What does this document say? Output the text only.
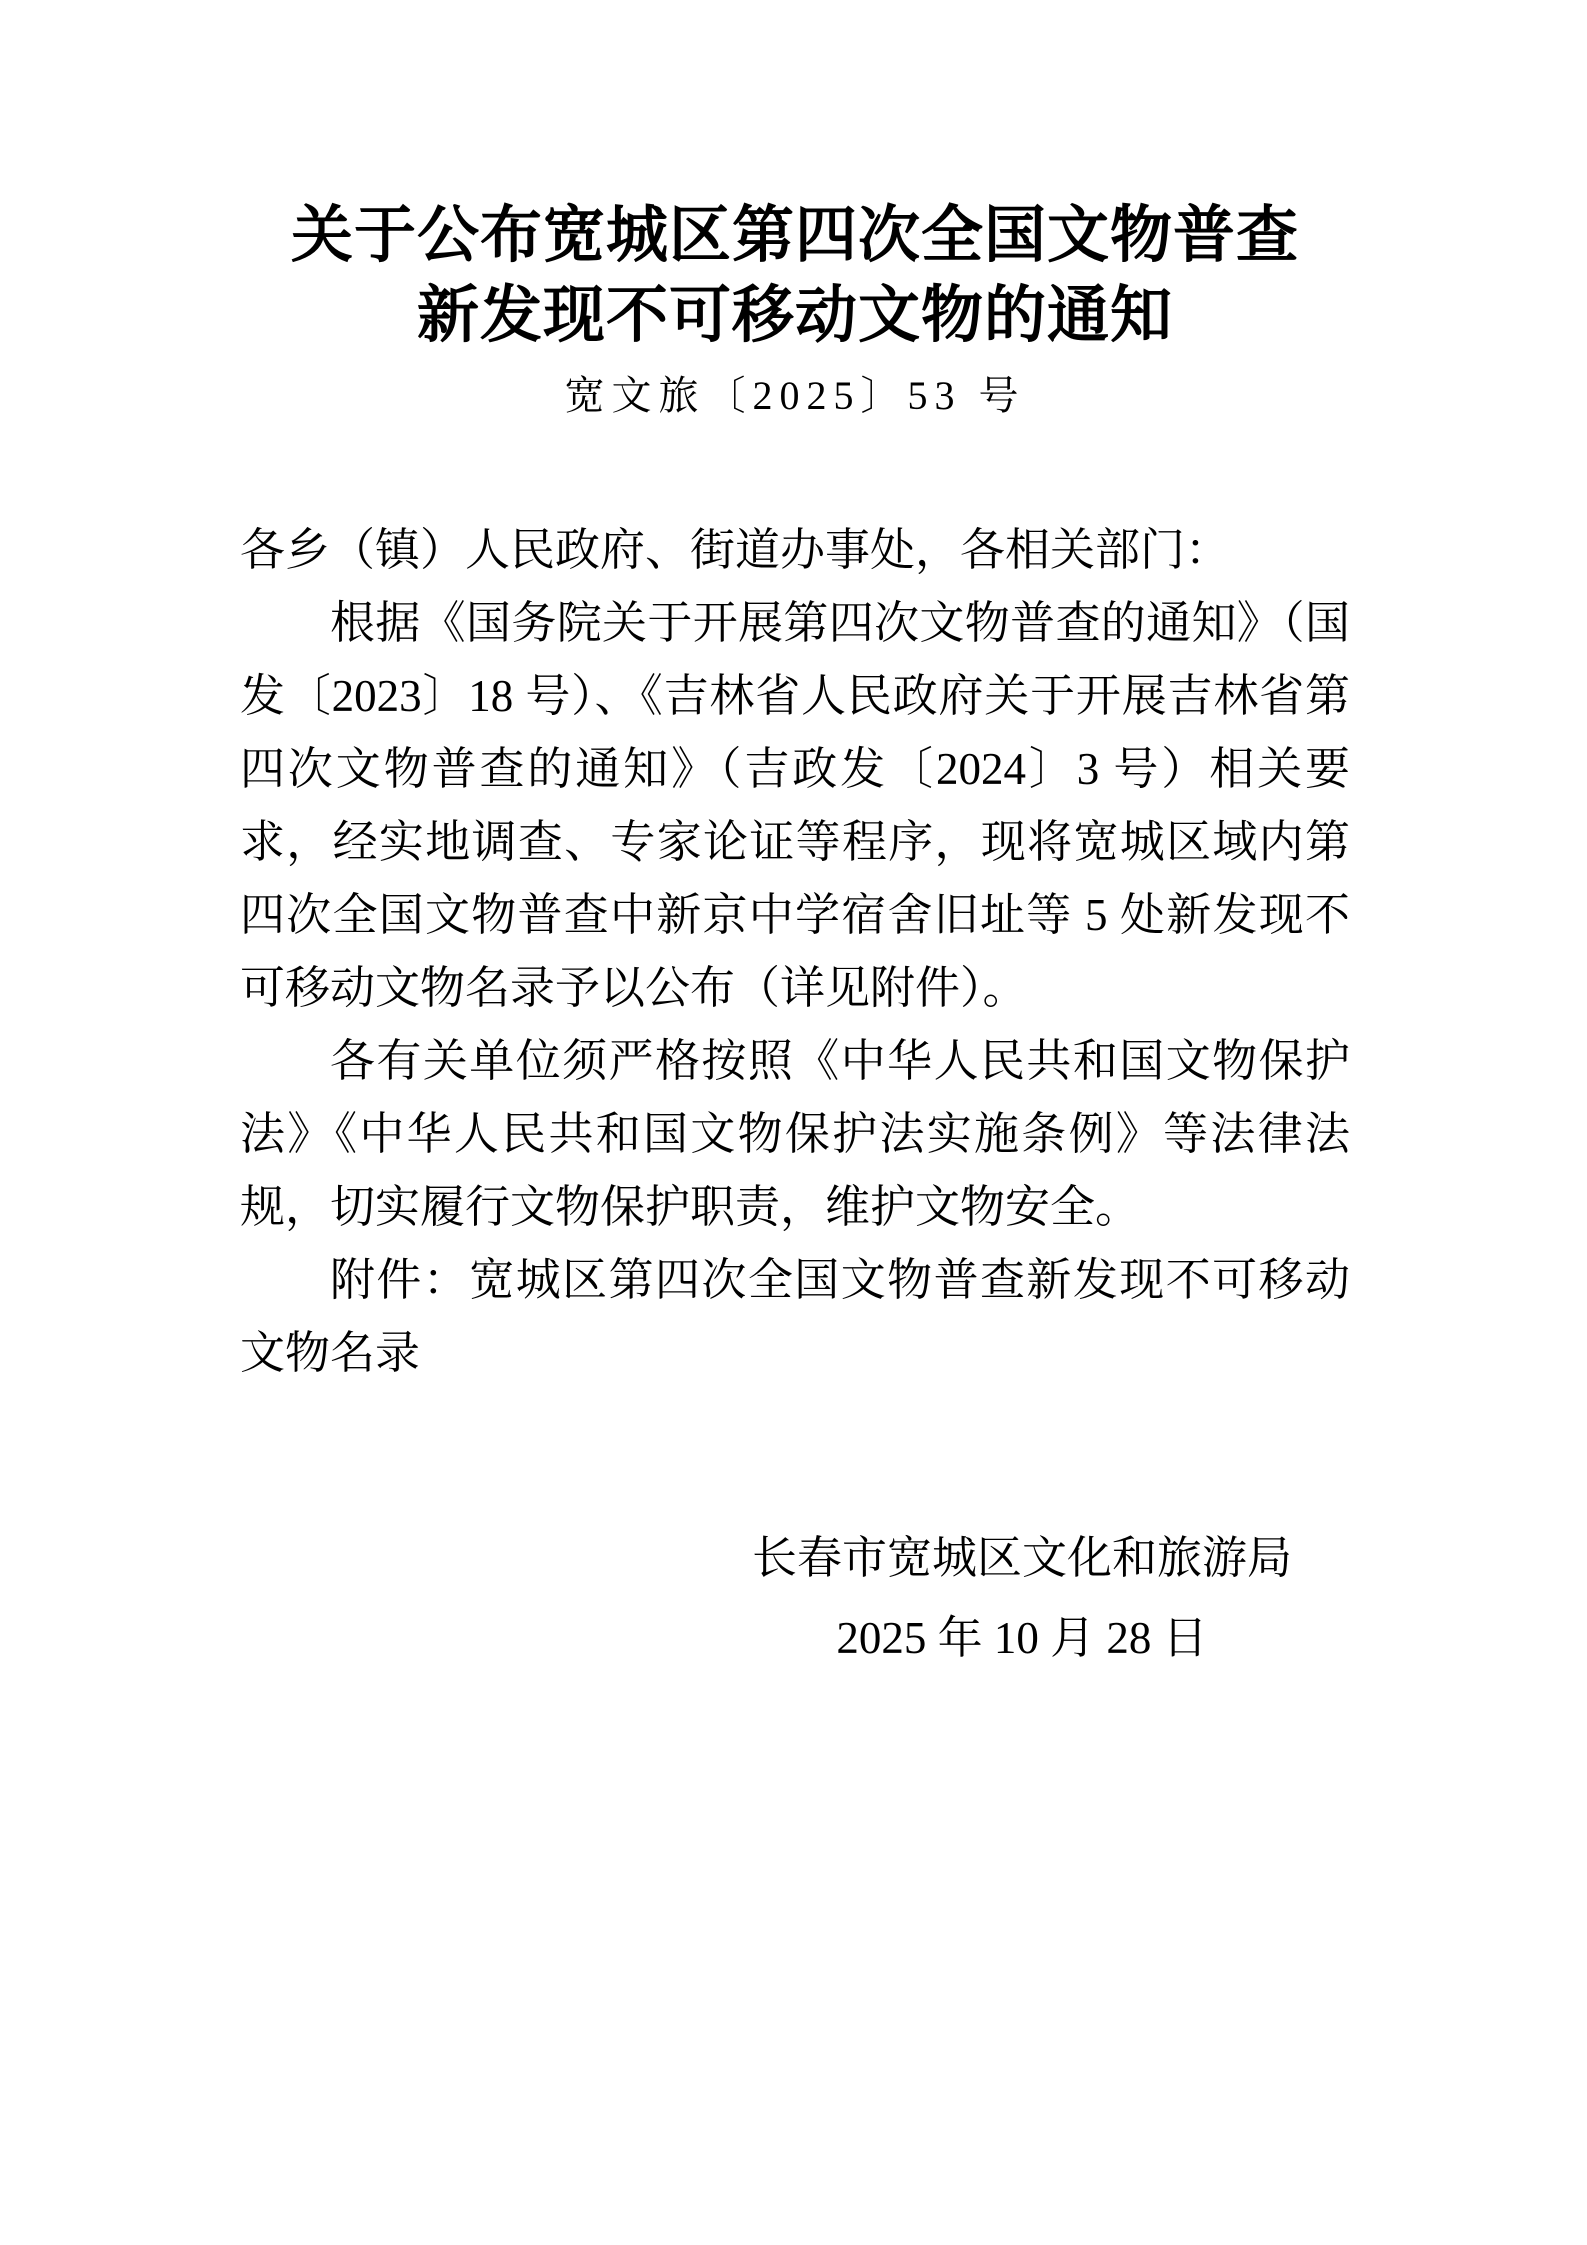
关于公布宽城区第四次全国文物普查
新发现不可移动文物的通知
宽文旅〔2025〕53 号

各乡（镇）人民政府、街道办事处，各相关部门：

根据《国务院关于开展第四次文物普查的通知》（国发〔2023〕18 号）、《吉林省人民政府关于开展吉林省第四次文物普查的通知》（吉政发〔2024〕3 号）相关要求，经实地调查、专家论证等程序，现将宽城区域内第四次全国文物普查中新京中学宿舍旧址等 5 处新发现不可移动文物名录予以公布（详见附件）。

各有关单位须严格按照《中华人民共和国文物保护法》《中华人民共和国文物保护法实施条例》等法律法规，切实履行文物保护职责，维护文物安全。

附件：宽城区第四次全国文物普查新发现不可移动文物名录

长春市宽城区文化和旅游局
2025 年 10 月 28 日
